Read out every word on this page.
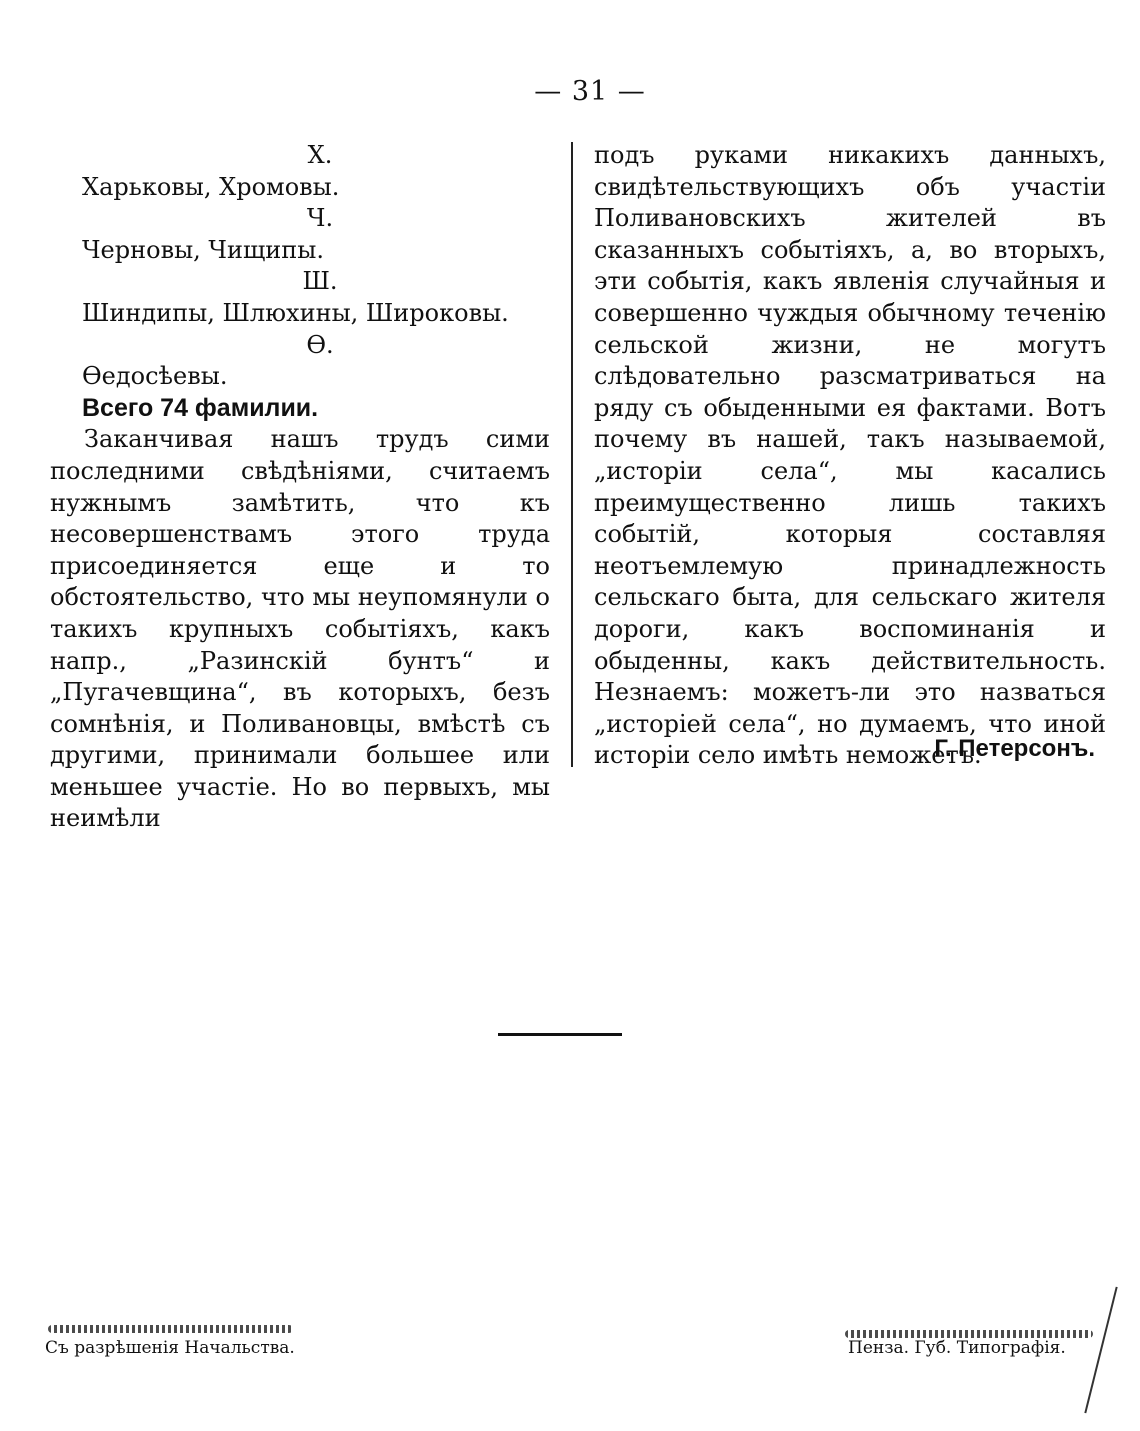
— 31 —
Х.
Харьковы, Хромовы.
Ч.
Черновы, Чищипы.
Ш.
Шиндипы, Шлюхины, Широковы.
Ѳ.
Ѳедосѣевы.
Всего 74 фамилии.
Заканчивая нашъ трудъ сими последними свѣдѣніями, считаемъ нужнымъ замѣтить, что къ несовершенствамъ этого труда присоединяется еще и то обстоятельство, что мы неупомянули о такихъ крупныхъ событіяхъ, какъ напр., „Разинскій бунтъ“ и „Пугачевщина“, въ которыхъ, безъ сомнѣнія, и Поливановцы, вмѣстѣ съ другими, принимали большее или меньшее участіе. Но во первыхъ, мы неимѣли
подъ руками никакихъ данныхъ, свидѣтельствующихъ объ участіи Поливановскихъ жителей въ сказанныхъ событіяхъ, а, во вторыхъ, эти событія, какъ явленія случайныя и совершенно чуждыя обычному теченію сельской жизни, не могутъ слѣдовательно разсматриваться на ряду съ обыденными ея фактами. Вотъ почему въ нашей, такъ называемой, „исторіи села“, мы касались преимущественно лишь такихъ событій, которыя составляя неотъемлемую принадлежность сельскаго быта, для сельскаго жителя дороги, какъ воспоминанія и обыденны, какъ действительность. Незнаемъ: можетъ-ли это назваться „исторіей села“, но думаемъ, что иной исторіи село имѣть неможетъ.
Г. Петерсонъ.
Съ разрѣшенія Начальства.	Пенза. Губ. Типографія.
